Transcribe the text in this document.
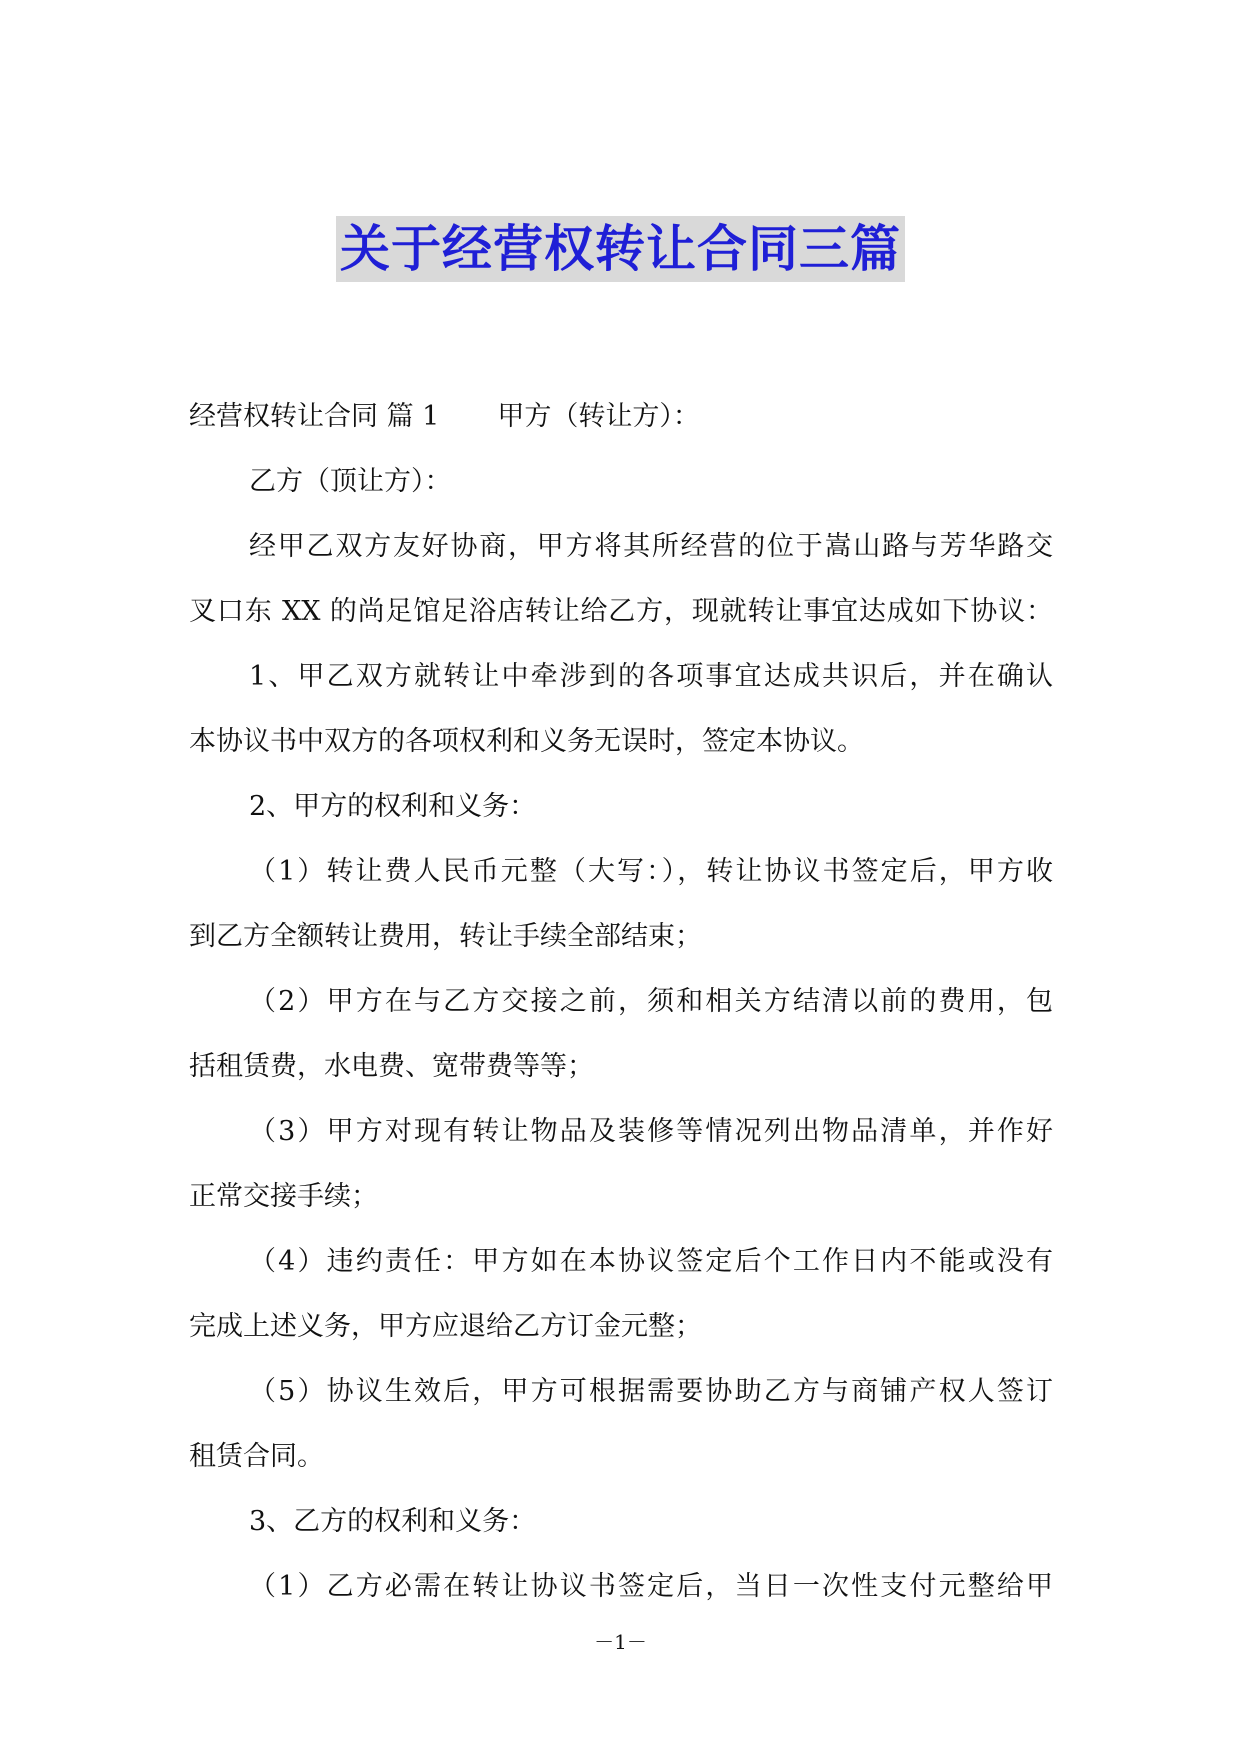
关于经营权转让合同三篇
经营权转让合同 篇 1 甲方（转让方）：
乙方（顶让方）：
经甲乙双方友好协商，甲方将其所经营的位于嵩山路与芳华路交
叉口东 XX 的尚足馆足浴店转让给乙方，现就转让事宜达成如下协议：
1、甲乙双方就转让中牵涉到的各项事宜达成共识后，并在确认
本协议书中双方的各项权利和义务无误时，签定本协议。
2、甲方的权利和义务：
（1）转让费人民币元整（大写：），转让协议书签定后，甲方收
到乙方全额转让费用，转让手续全部结束；
（2）甲方在与乙方交接之前，须和相关方结清以前的费用，包
括租赁费，水电费、宽带费等等；
（3）甲方对现有转让物品及装修等情况列出物品清单，并作好
正常交接手续；
（4）违约责任：甲方如在本协议签定后个工作日内不能或没有
完成上述义务，甲方应退给乙方订金元整；
（5）协议生效后，甲方可根据需要协助乙方与商铺产权人签订
租赁合同。
3、乙方的权利和义务：
（1）乙方必需在转让协议书签定后，当日一次性支付元整给甲
－1－
